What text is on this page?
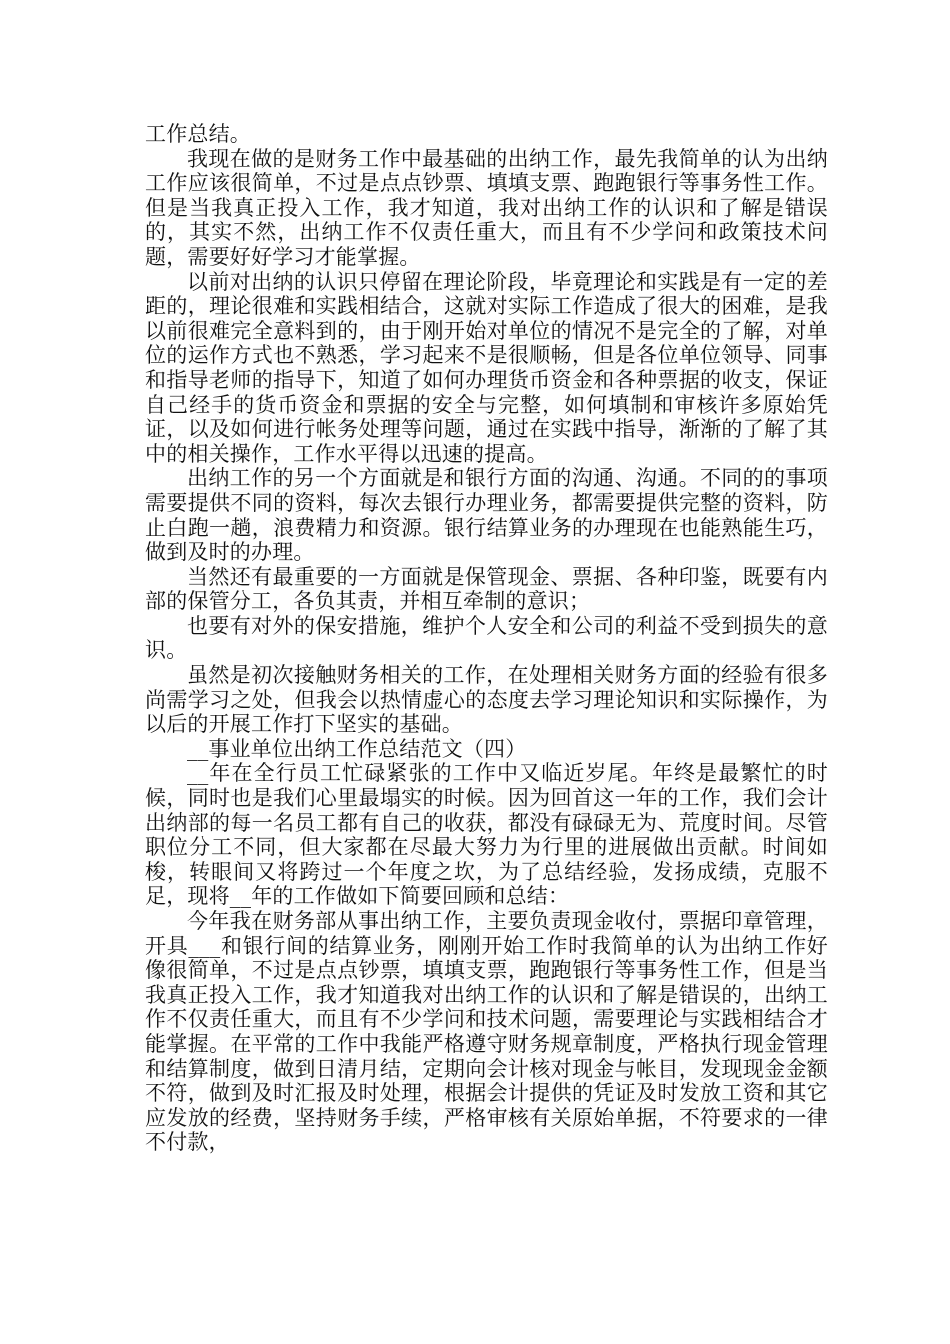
工作总结。

我现在做的是财务工作中最基础的出纳工作，最先我简单的认为出纳工作应该很简单，不过是点点钞票、填填支票、跑跑银行等事务性工作。但是当我真正投入工作，我才知道，我对出纳工作的认识和了解是错误的，其实不然，出纳工作不仅责任重大，而且有不少学问和政策技术问题，需要好好学习才能掌握。

以前对出纳的认识只停留在理论阶段，毕竟理论和实践是有一定的差距的，理论很难和实践相结合，这就对实际工作造成了很大的困难，是我以前很难完全意料到的，由于刚开始对单位的情况不是完全的了解，对单位的运作方式也不熟悉，学习起来不是很顺畅，但是各位单位领导、同事和指导老师的指导下，知道了如何办理货币资金和各种票据的收支，保证自己经手的货币资金和票据的安全与完整，如何填制和审核许多原始凭证，以及如何进行帐务处理等问题，通过在实践中指导，渐渐的了解了其中的相关操作，工作水平得以迅速的提高。

出纳工作的另一个方面就是和银行方面的沟通、沟通。不同的的事项需要提供不同的资料，每次去银行办理业务，都需要提供完整的资料，防止白跑一趟，浪费精力和资源。银行结算业务的办理现在也能熟能生巧，做到及时的办理。

当然还有最重要的一方面就是保管现金、票据、各种印鉴，既要有内部的保管分工，各负其责，并相互牵制的意识；

也要有对外的保安措施，维护个人安全和公司的利益不受到损失的意识。

虽然是初次接触财务相关的工作，在处理相关财务方面的经验有很多尚需学习之处，但我会以热情虚心的态度去学习理论知识和实际操作，为以后的开展工作打下坚实的基础。

__事业单位出纳工作总结范文（四）

__年在全行员工忙碌紧张的工作中又临近岁尾。年终是最繁忙的时候，同时也是我们心里最塌实的时候。因为回首这一年的工作，我们会计出纳部的每一名员工都有自己的收获，都没有碌碌无为、荒度时间。尽管职位分工不同，但大家都在尽最大努力为行里的进展做出贡献。时间如梭，转眼间又将跨过一个年度之坎，为了总结经验，发扬成绩，克服不足，现将__年的工作做如下简要回顾和总结：

今年我在财务部从事出纳工作，主要负责现金收付，票据印章管理，开具___和银行间的结算业务，刚刚开始工作时我简单的认为出纳工作好像很简单，不过是点点钞票，填填支票，跑跑银行等事务性工作，但是当我真正投入工作，我才知道我对出纳工作的认识和了解是错误的，出纳工作不仅责任重大，而且有不少学问和技术问题，需要理论与实践相结合才能掌握。在平常的工作中我能严格遵守财务规章制度，严格执行现金管理和结算制度，做到日清月结，定期向会计核对现金与帐目，发现现金金额不符，做到及时汇报及时处理，根据会计提供的凭证及时发放工资和其它应发放的经费，坚持财务手续，严格审核有关原始单据，不符要求的一律不付款，
